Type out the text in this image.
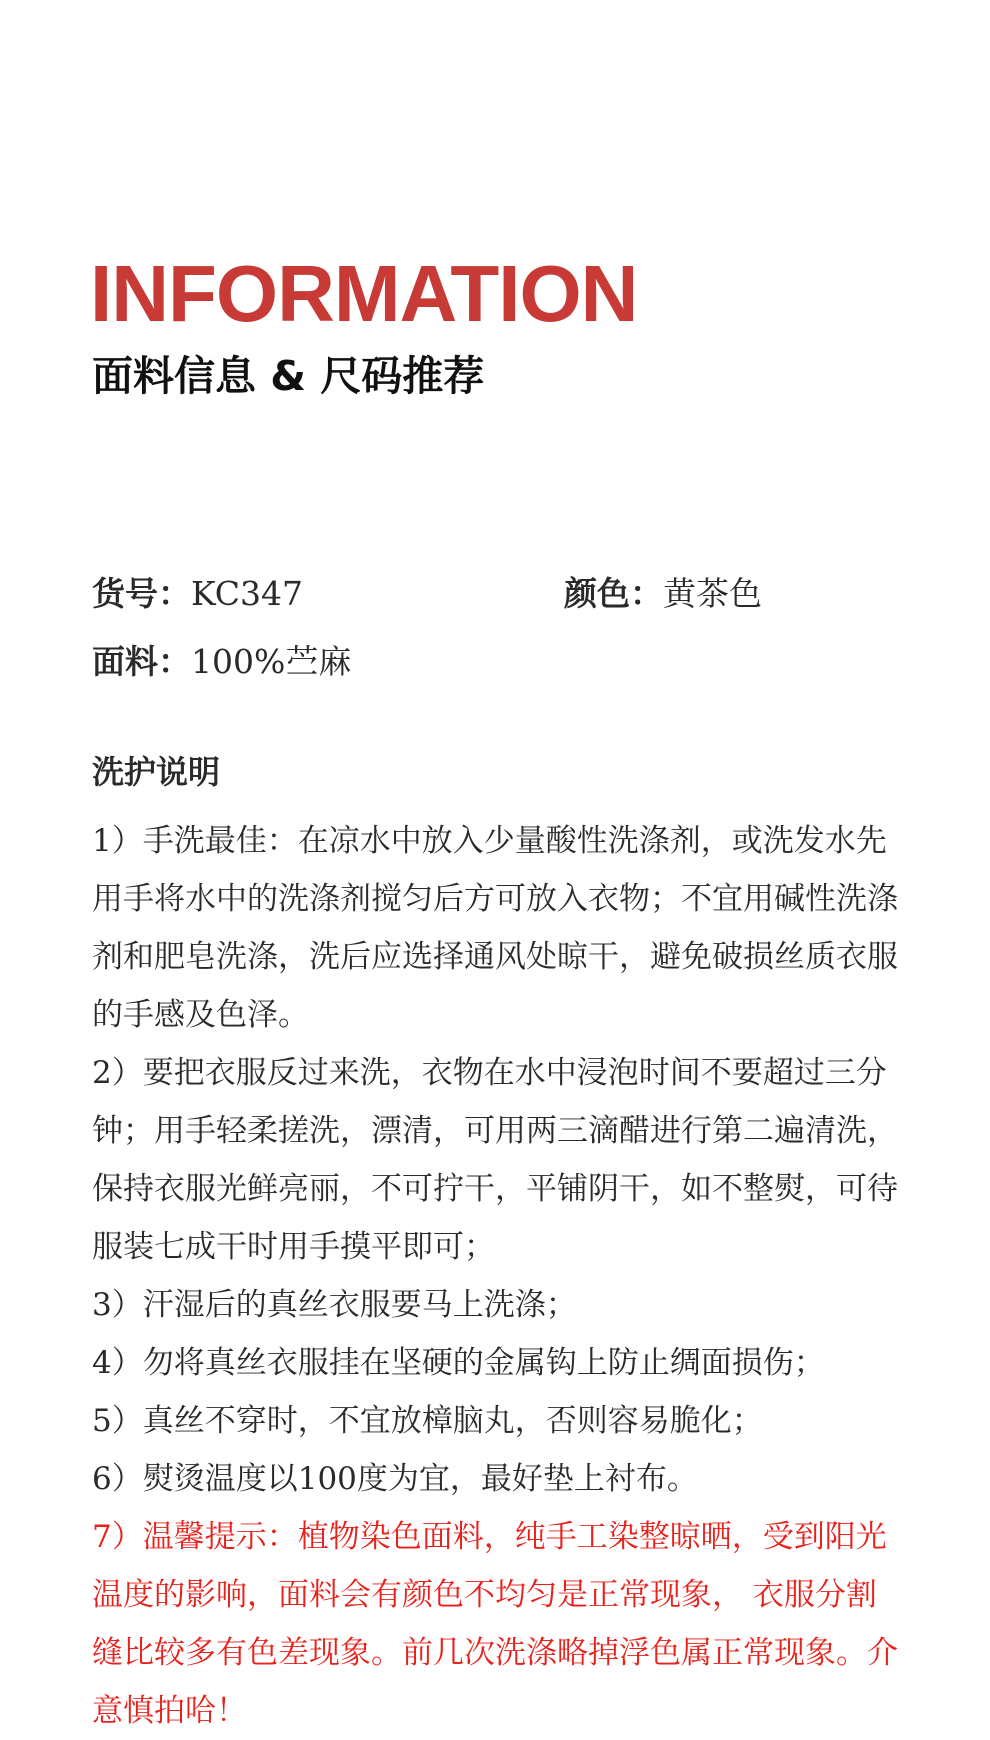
INFORMATION
面料信息 & 尺码推荐
货号：KC347	颜色：黄茶色
面料：100%苎麻
洗护说明
1）手洗最佳：在凉水中放入少量酸性洗涤剂，或洗发水先用手将水中的洗涤剂搅匀后方可放入衣物；不宜用碱性洗涤剂和肥皂洗涤，洗后应选择通风处晾干，避免破损丝质衣服的手感及色泽。
2）要把衣服反过来洗，衣物在水中浸泡时间不要超过三分钟；用手轻柔搓洗，漂清，可用两三滴醋进行第二遍清洗，保持衣服光鲜亮丽，不可拧干，平铺阴干，如不整熨，可待服装七成干时用手摸平即可；
3）汗湿后的真丝衣服要马上洗涤；
4）勿将真丝衣服挂在坚硬的金属钩上防止绸面损伤；
5）真丝不穿时，不宜放樟脑丸，否则容易脆化；
6）熨烫温度以100度为宜，最好垫上衬布。
7）温馨提示：植物染色面料，纯手工染整晾晒，受到阳光温度的影响，面料会有颜色不均匀是正常现象， 衣服分割缝比较多有色差现象。前几次洗涤略掉浮色属正常现象。介意慎拍哈！
